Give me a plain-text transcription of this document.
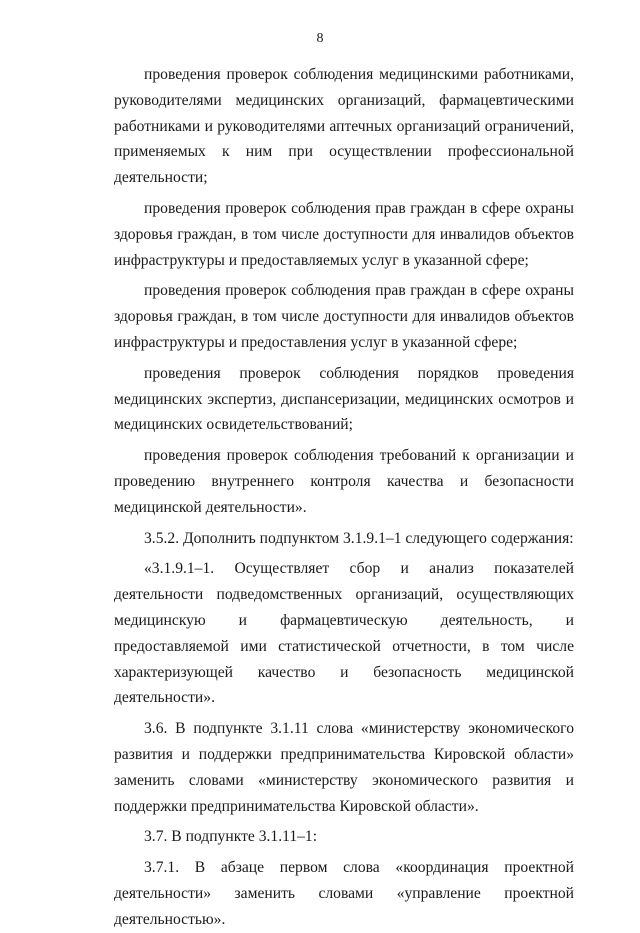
8

проведения проверок соблюдения медицинскими работниками, руководителями медицинских организаций, фармацевтическими работниками и руководителями аптечных организаций ограничений, применяемых к ним при осуществлении профессиональной деятельности;

проведения проверок соблюдения прав граждан в сфере охраны здоровья граждан, в том числе доступности для инвалидов объектов инфраструктуры и предоставляемых услуг в указанной сфере;

проведения проверок соблюдения прав граждан в сфере охраны здоровья граждан, в том числе доступности для инвалидов объектов инфраструктуры и предоставления услуг в указанной сфере;

проведения проверок соблюдения порядков проведения медицинских экспертиз, диспансеризации, медицинских осмотров и медицинских освидетельствований;

проведения проверок соблюдения требований к организации и проведению внутреннего контроля качества и безопасности медицинской деятельности».

3.5.2. Дополнить подпунктом 3.1.9.1–1 следующего содержания:

«3.1.9.1–1. Осуществляет сбор и анализ показателей деятельности подведомственных организаций, осуществляющих медицинскую и фармацевтическую деятельность, и предоставляемой ими статистической отчетности, в том числе характеризующей качество и безопасность медицинской деятельности».

3.6. В подпункте 3.1.11 слова «министерству экономического развития и поддержки предпринимательства Кировской области» заменить словами «министерству экономического развития и поддержки предпринимательства Кировской области».

3.7. В подпункте 3.1.11–1:

3.7.1. В абзаце первом слова «координация проектной деятельности» заменить словами «управление проектной деятельностью».
